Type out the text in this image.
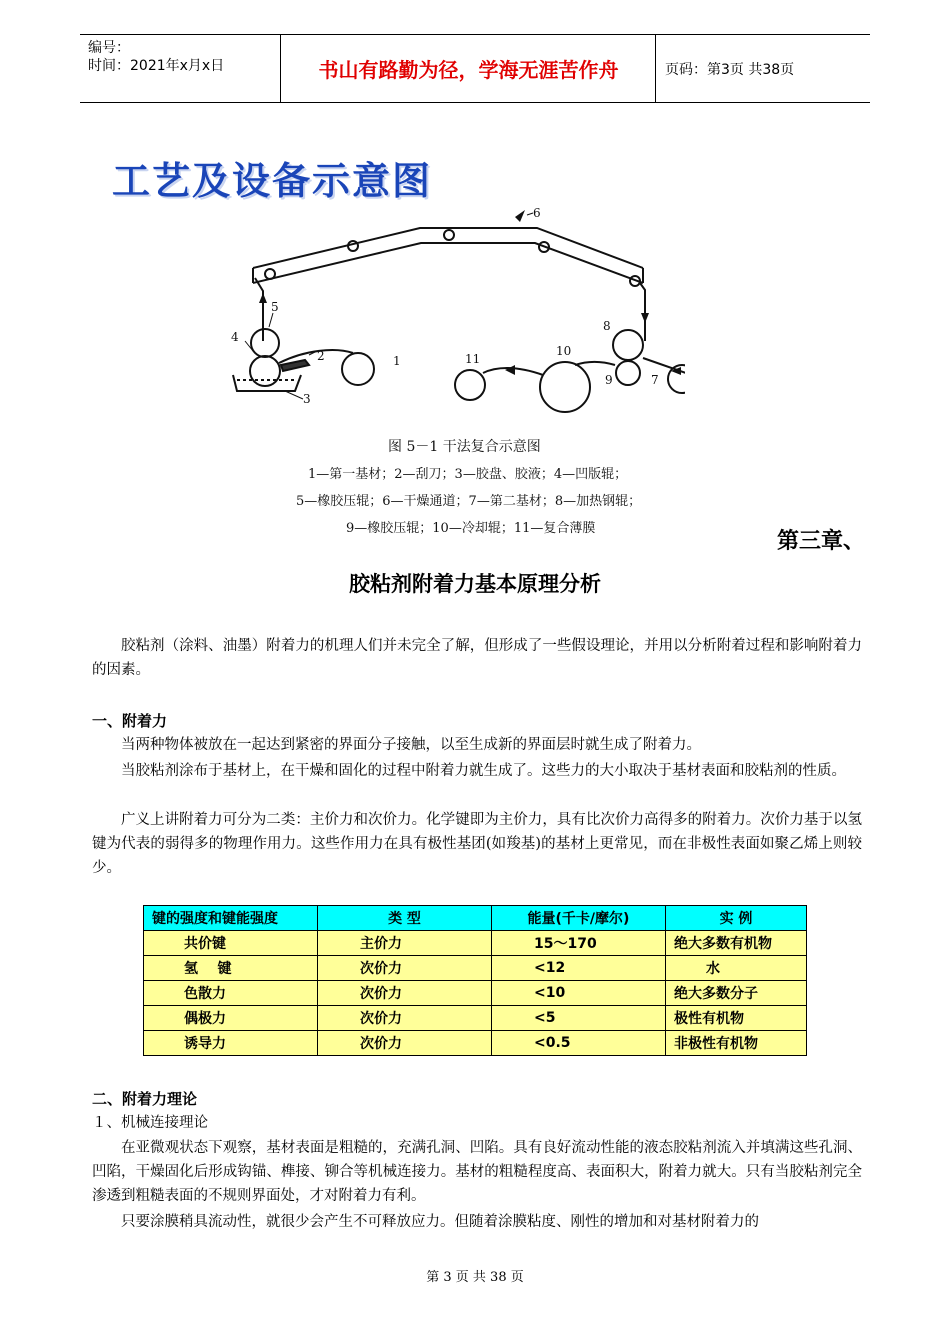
编号：
时间：2021年x月x日	书山有路勤为径，学海无涯苦作舟	页码：第3页 共38页
工艺及设备示意图
1
2
3
4
5
6
7
8
9
10
11
图 5－1 干法复合示意图
1—第一基材；2—刮刀；3—胶盘、胶液；4—凹版辊；
5—橡胶压辊；6—干燥通道；7—第二基材；8—加热钢辊；
9—橡胶压辊；10—冷却辊；11—复合薄膜
第三章、
胶粘剂附着力基本原理分析
胶粘剂（涂料、油墨）附着力的机理人们并未完全了解，但形成了一些假设理论，并用以分析附着过程和影响附着力的因素。
一、附着力
当两种物体被放在一起达到紧密的界面分子接触，以至生成新的界面层时就生成了附着力。
当胶粘剂涂布于基材上，在干燥和固化的过程中附着力就生成了。这些力的大小取决于基材表面和胶粘剂的性质。
广义上讲附着力可分为二类：主价力和次价力。化学键即为主价力，具有比次价力高得多的附着力。次价力基于以氢键为代表的弱得多的物理作用力。这些作用力在具有极性基团(如羧基)的基材上更常见，而在非极性表面如聚乙烯上则较少。
键的强度和键能强度	类 型	能量(千卡/摩尔)	实 例
共价键	主价力	15～170	绝大多数有机物
氢    键	次价力	<12	水
色散力	次价力	<10	绝大多数分子
偶极力	次价力	<5	极性有机物
诱导力	次价力	<0.5	非极性有机物
二、附着力理论
１、机械连接理论
在亚微观状态下观察，基材表面是粗糙的，充满孔洞、凹陷。具有良好流动性能的液态胶粘剂流入并填满这些孔洞、凹陷，干燥固化后形成钩锚、榫接、铆合等机械连接力。基材的粗糙程度高、表面积大，附着力就大。只有当胶粘剂完全渗透到粗糙表面的不规则界面处，才对附着力有利。
只要涂膜稍具流动性，就很少会产生不可释放应力。但随着涂膜粘度、刚性的增加和对基材附着力的
第 3 页 共 38 页
